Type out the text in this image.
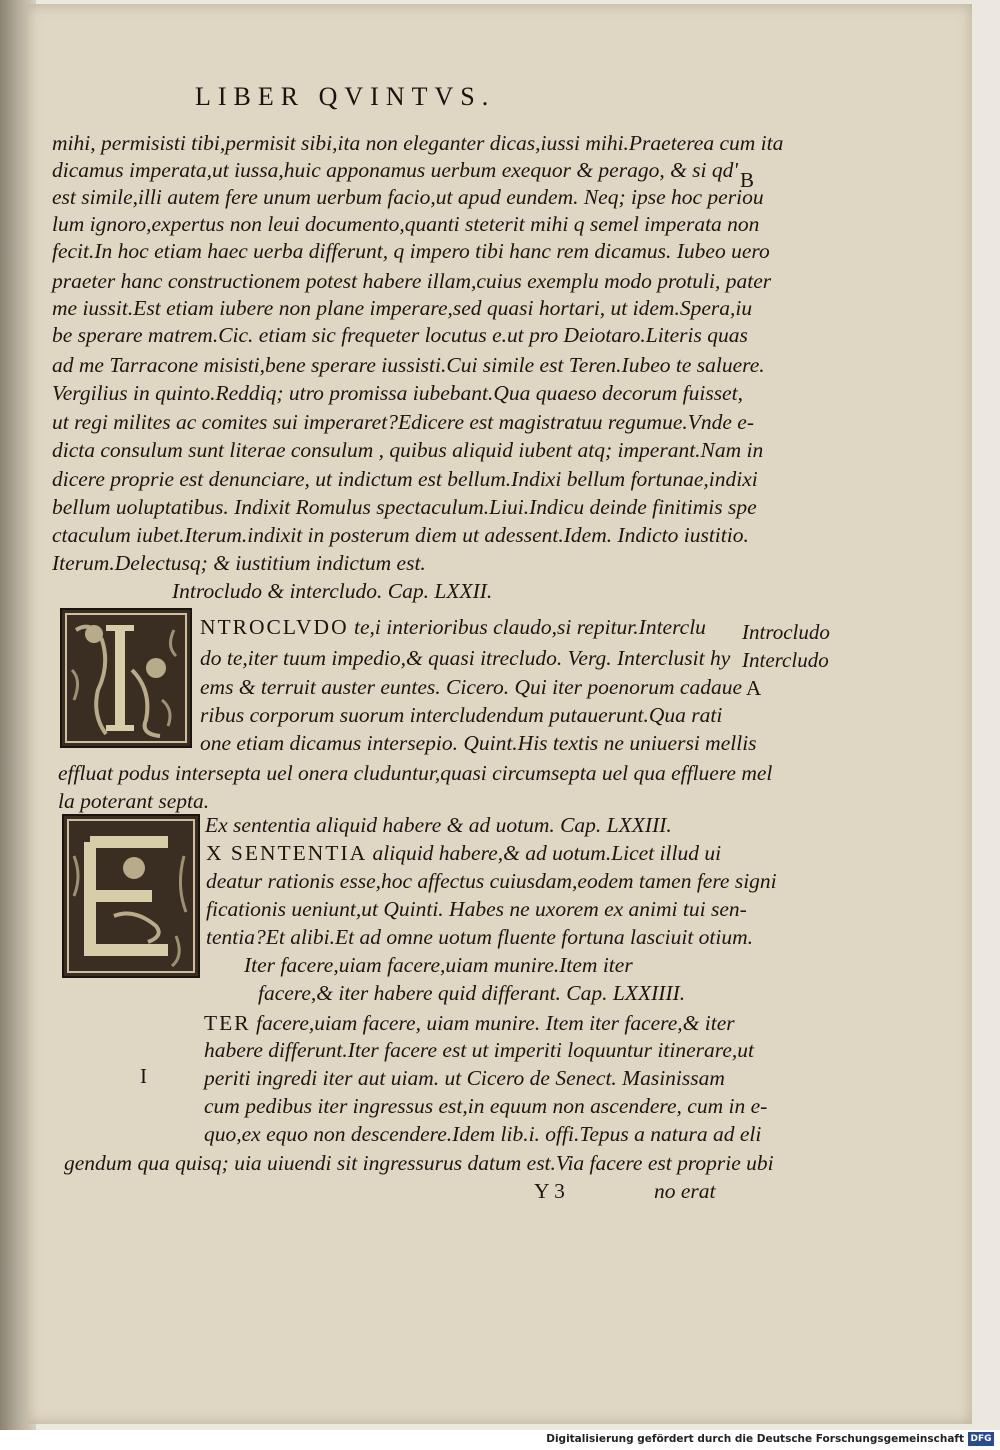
LIBER QVINTVS.
mihi, permisisti tibi,permisit sibi,ita non eleganter dicas,iussi mihi.Praeterea cum ita
dicamus imperata,ut iussa,huic apponamus uerbum exequor & perago, & si qd'
est simile,illi autem fere unum uerbum facio,ut apud eundem. Neq; ipse hoc periou
lum ignoro,expertus non leui documento,quanti steterit mihi q semel imperata non
fecit.In hoc etiam haec uerba differunt, q impero tibi hanc rem dicamus. Iubeo uero
praeter hanc constructionem potest habere illam,cuius exemplu modo protuli, pater
me iussit.Est etiam iubere non plane imperare,sed quasi hortari, ut idem.Spera,iu
be sperare matrem.Cic. etiam sic frequeter locutus e.ut pro Deiotaro.Literis quas
ad me Tarracone misisti,bene sperare iussisti.Cui simile est Teren.Iubeo te saluere.
Vergilius in quinto.Reddiq; utro promissa iubebant.Qua quaeso decorum fuisset,
ut regi milites ac comites sui imperaret?Edicere est magistratuu regumue.Vnde e-
dicta consulum sunt literae consulum , quibus aliquid iubent atq; imperant.Nam in
dicere proprie est denunciare, ut indictum est bellum.Indixi bellum fortunae,indixi
bellum uoluptatibus. Indixit Romulus spectaculum.Liui.Indicu deinde finitimis spe
ctaculum iubet.Iterum.indixit in posterum diem ut adessent.Idem. Indicto iustitio.
Iterum.Delectusq; & iustitium indictum est.
Introcludo & intercludo. Cap. LXXII.
NTROCLVDO te,i interioribus claudo,si repitur.Interclu
do te,iter tuum impedio,& quasi itrecludo. Verg. Interclusit hy
ems & terruit auster euntes. Cicero. Qui iter poenorum cadaue
ribus corporum suorum intercludendum putauerunt.Qua rati
one etiam dicamus intersepio. Quint.His textis ne uniuersi mellis
effluat podus intersepta uel onera cluduntur,quasi circumsepta uel qua effluere mel
la poterant septa.
Ex sententia aliquid habere & ad uotum. Cap. LXXIII.
X SENTENTIA aliquid habere,& ad uotum.Licet illud ui
deatur rationis esse,hoc affectus cuiusdam,eodem tamen fere signi
ficationis ueniunt,ut Quinti. Habes ne uxorem ex animi tui sen-
tentia?Et alibi.Et ad omne uotum fluente fortuna lasciuit otium.
Iter facere,uiam facere,uiam munire.Item iter
facere,& iter habere quid differant. Cap. LXXIIII.
TER facere,uiam facere, uiam munire. Item iter facere,& iter
habere differunt.Iter facere est ut imperiti loquuntur itinerare,ut
periti ingredi iter aut uiam. ut Cicero de Senect. Masinissam
cum pedibus iter ingressus est,in equum non ascendere, cum in e-
quo,ex equo non descendere.Idem lib.i. offi.Tepus a natura ad eli
gendum qua quisq; uia uiuendi sit ingressurus datum est.Via facere est proprie ubi
Y 3	no erat
B
Introcludo
Intercludo
A
I
Digitalisierung gefördert durch die Deutsche Forschungsgemeinschaft DFG
